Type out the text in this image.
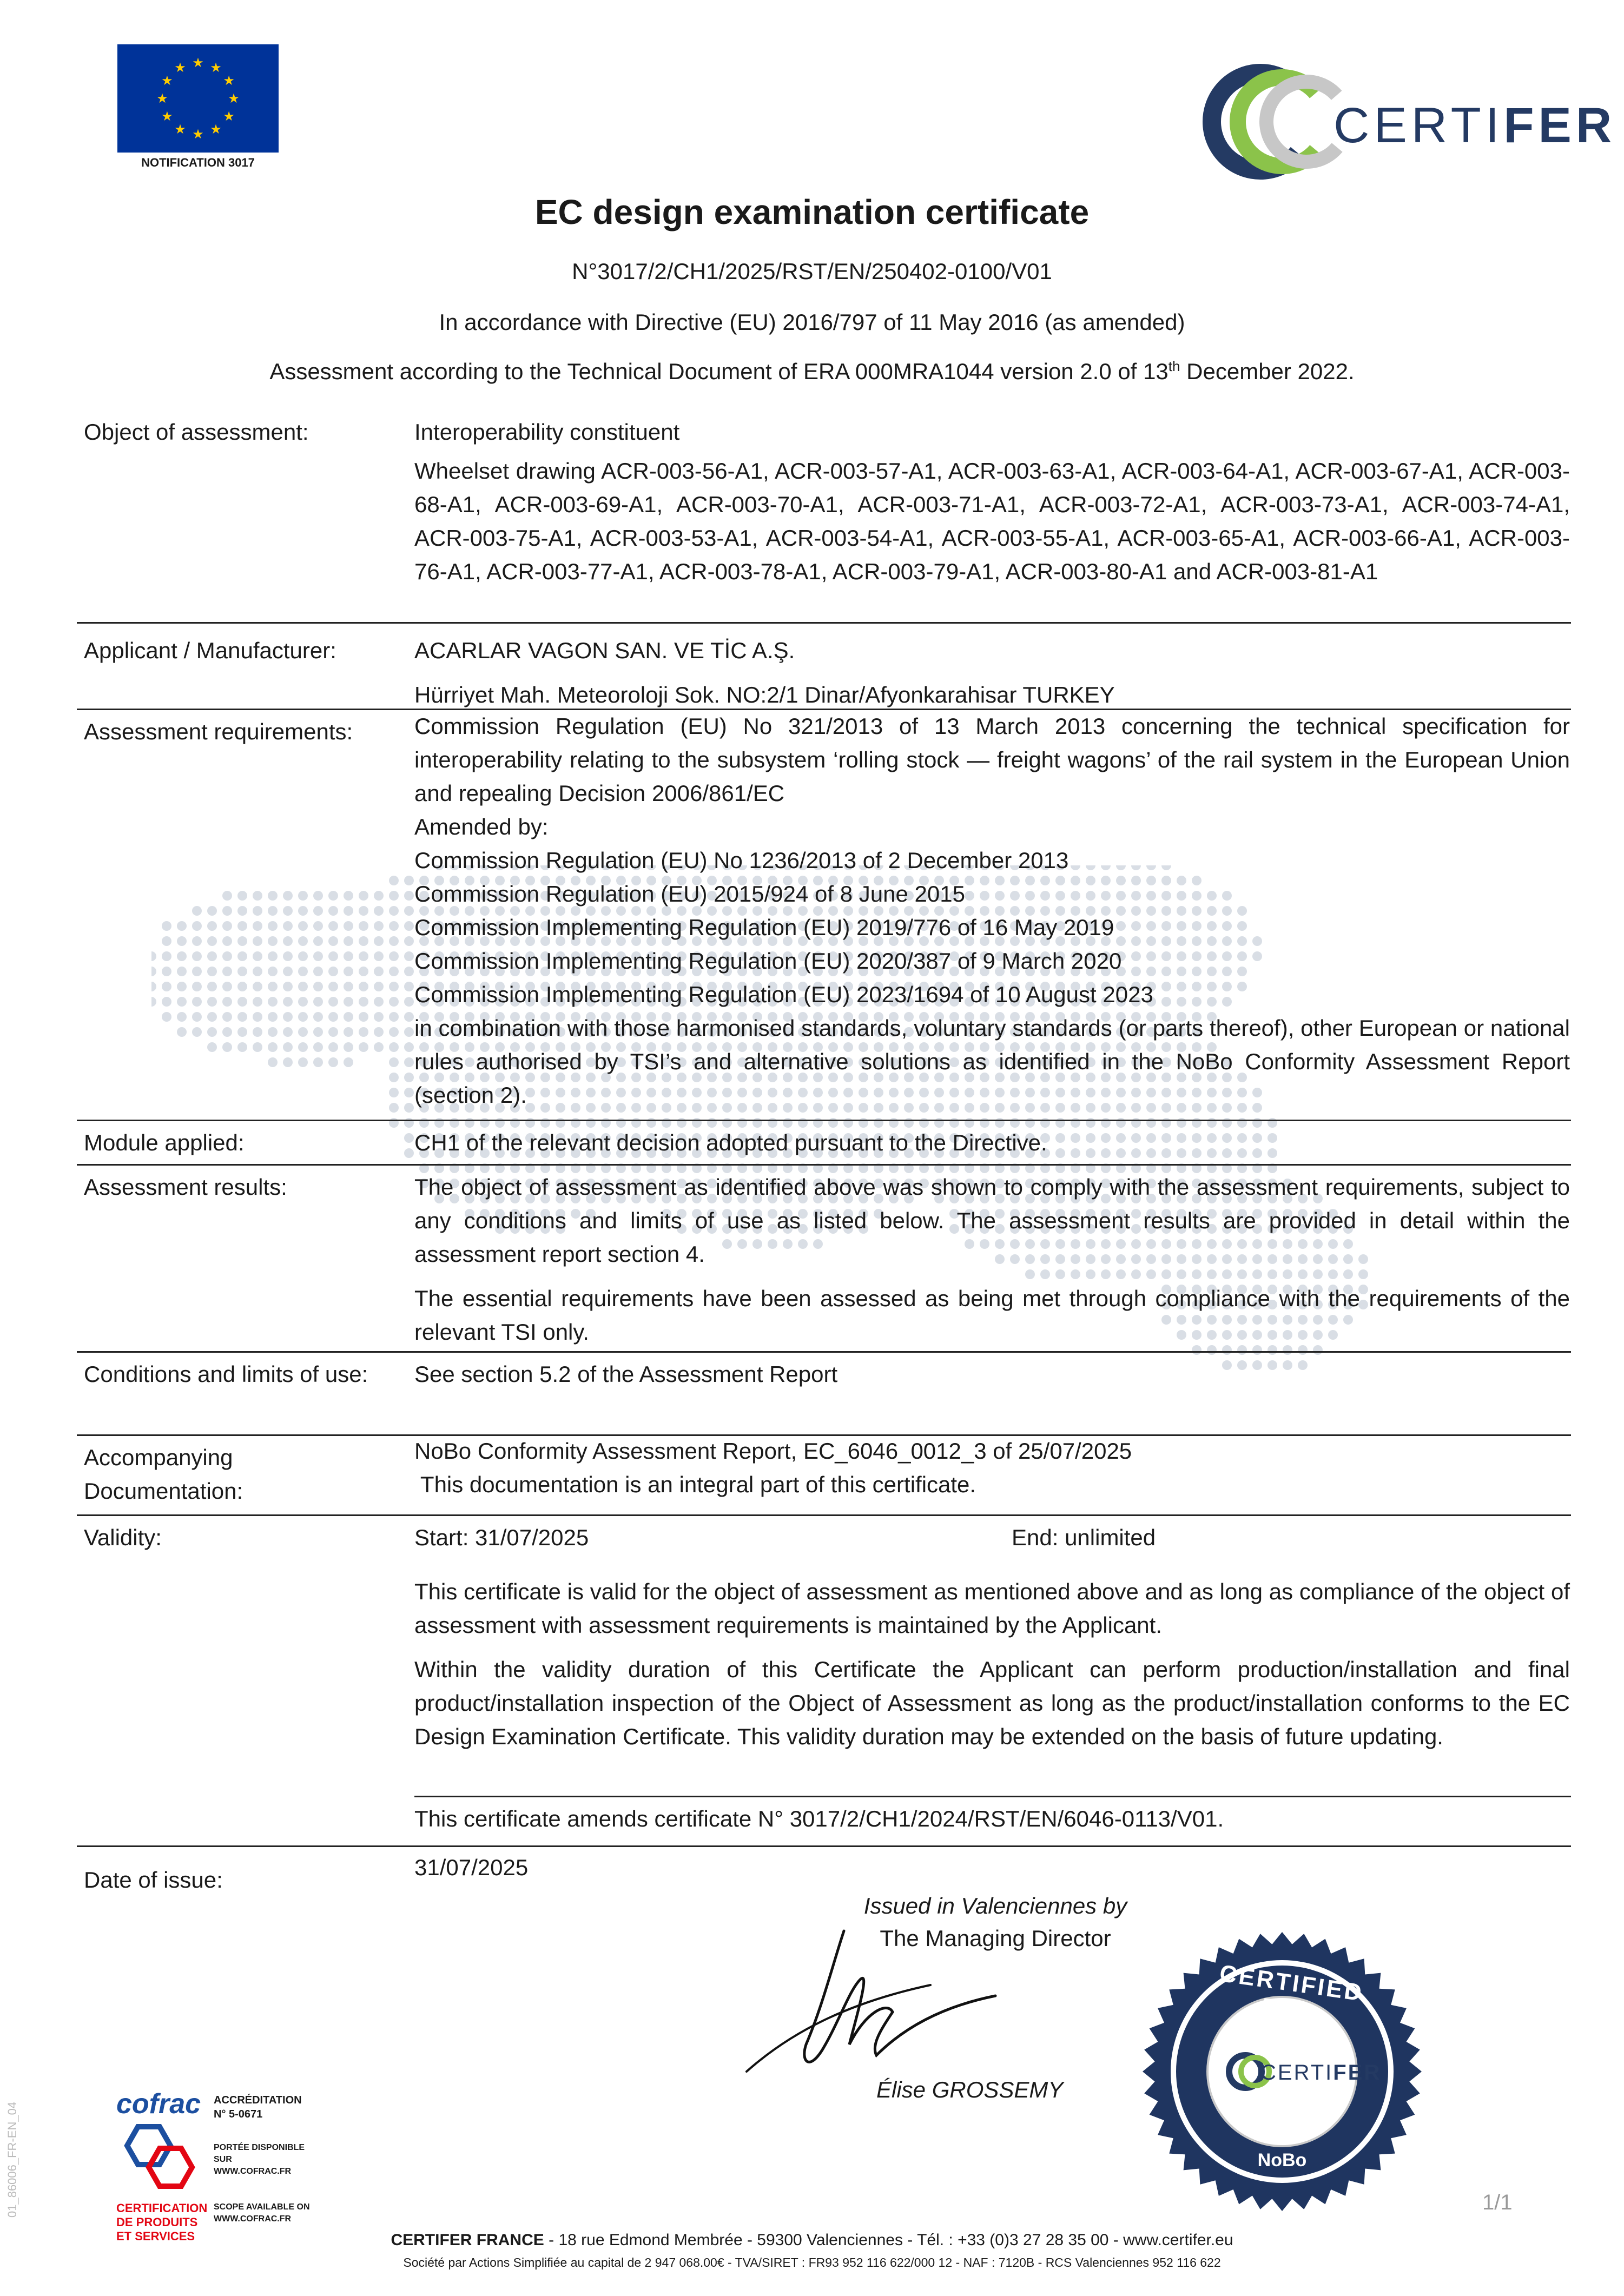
★ ★
★
★
★
★
★
★
★
★
★
★
NOTIFICATION 3017
CERTIFER
EC design examination certificate
N°3017/2/CH1/2025/RST/EN/250402-0100/V01
In accordance with Directive (EU) 2016/797 of 11 May 2016 (as amended)
Assessment according to the Technical Document of ERA 000MRA1044 version 2.0 of 13th December 2022.
Object of assessment:	Interoperability constituent

Wheelset drawing ACR-003-56-A1, ACR-003-57-A1, ACR-003-63-A1, ACR-003-64-A1, ACR-003-67-A1, ACR-003-68-A1, ACR-003-69-A1, ACR-003-70-A1, ACR-003-71-A1, ACR-003-72-A1, ACR-003-73-A1, ACR-003-74-A1, ACR-003-75-A1, ACR-003-53-A1, ACR-003-54-A1, ACR-003-55-A1, ACR-003-65-A1, ACR-003-66-A1, ACR-003-76-A1, ACR-003-77-A1, ACR-003-78-A1, ACR-003-79-A1, ACR-003-80-A1 and ACR-003-81-A1

Applicant / Manufacturer:	ACARLAR VAGON SAN. VE TİC A.Ş.

Hürriyet Mah. Meteoroloji Sok. NO:2/1 Dinar/Afyonkarahisar TURKEY

Assessment requirements:	Commission Regulation (EU) No 321/2013 of 13 March 2013 concerning the technical specification for interoperability relating to the subsystem ‘rolling stock — freight wagons’ of the rail system in the European Union and repealing Decision 2006/861/EC

Amended by:

Commission Regulation (EU) No 1236/2013 of 2 December 2013

Commission Regulation (EU) 2015/924 of 8 June 2015

Commission Implementing Regulation (EU) 2019/776 of 16 May 2019

Commission Implementing Regulation (EU) 2020/387 of 9 March 2020

Commission Implementing Regulation (EU) 2023/1694 of 10 August 2023

in combination with those harmonised standards, voluntary standards (or parts thereof), other European or national rules authorised by TSI’s and alternative solutions as identified in the NoBo Conformity Assessment Report (section 2).

Module applied:	CH1 of the relevant decision adopted pursuant to the Directive.
Assessment results:	The object of assessment as identified above was shown to comply with the assessment requirements, subject to any conditions and limits of use as listed below. The assessment results are provided in detail within the assessment report section 4.

The essential requirements have been assessed as being met through compliance with the requirements of the relevant TSI only.

Conditions and limits of use:	See section 5.2 of the Assessment Report
Accompanying Documentation:

NoBo Conformity Assessment Report, EC_6046_0012_3 of 25/07/2025

This documentation is an integral part of this certificate.

Validity:	Start: 31/07/2025	End: unlimited

This certificate is valid for the object of assessment as mentioned above and as long as compliance of the object of assessment with assessment requirements is maintained by the Applicant.

Within the validity duration of this Certificate the Applicant can perform production/installation and final product/installation inspection of the Object of Assessment as long as the product/installation conforms to the EC Design Examination Certificate. This validity duration may be extended on the basis of future updating.

This certificate amends certificate N° 3017/2/CH1/2024/RST/EN/6046-0113/V01.
Date of issue:	31/07/2025
Issued in Valenciennes by
The Managing Director
Élise GROSSEMY
CERTIFIED BY
CERTIFER
NoBo
cofrac
CERTIFICATION
DE PRODUITS
ET SERVICES
ACCRÉDITATION
N° 5-0671
PORTÉE DISPONIBLE SUR
WWW.COFRAC.FR
SCOPE AVAILABLE ON
WWW.COFRAC.FR
01_86006_FR-EN_04	1/1
CERTIFER FRANCE - 18 rue Edmond Membrée - 59300 Valenciennes - Tél. : +33 (0)3 27 28 35 00 - www.certifer.eu
Société par Actions Simplifiée au capital de 2 947 068.00€ - TVA/SIRET : FR93 952 116 622/000 12 - NAF : 7120B - RCS Valenciennes 952 116 622
